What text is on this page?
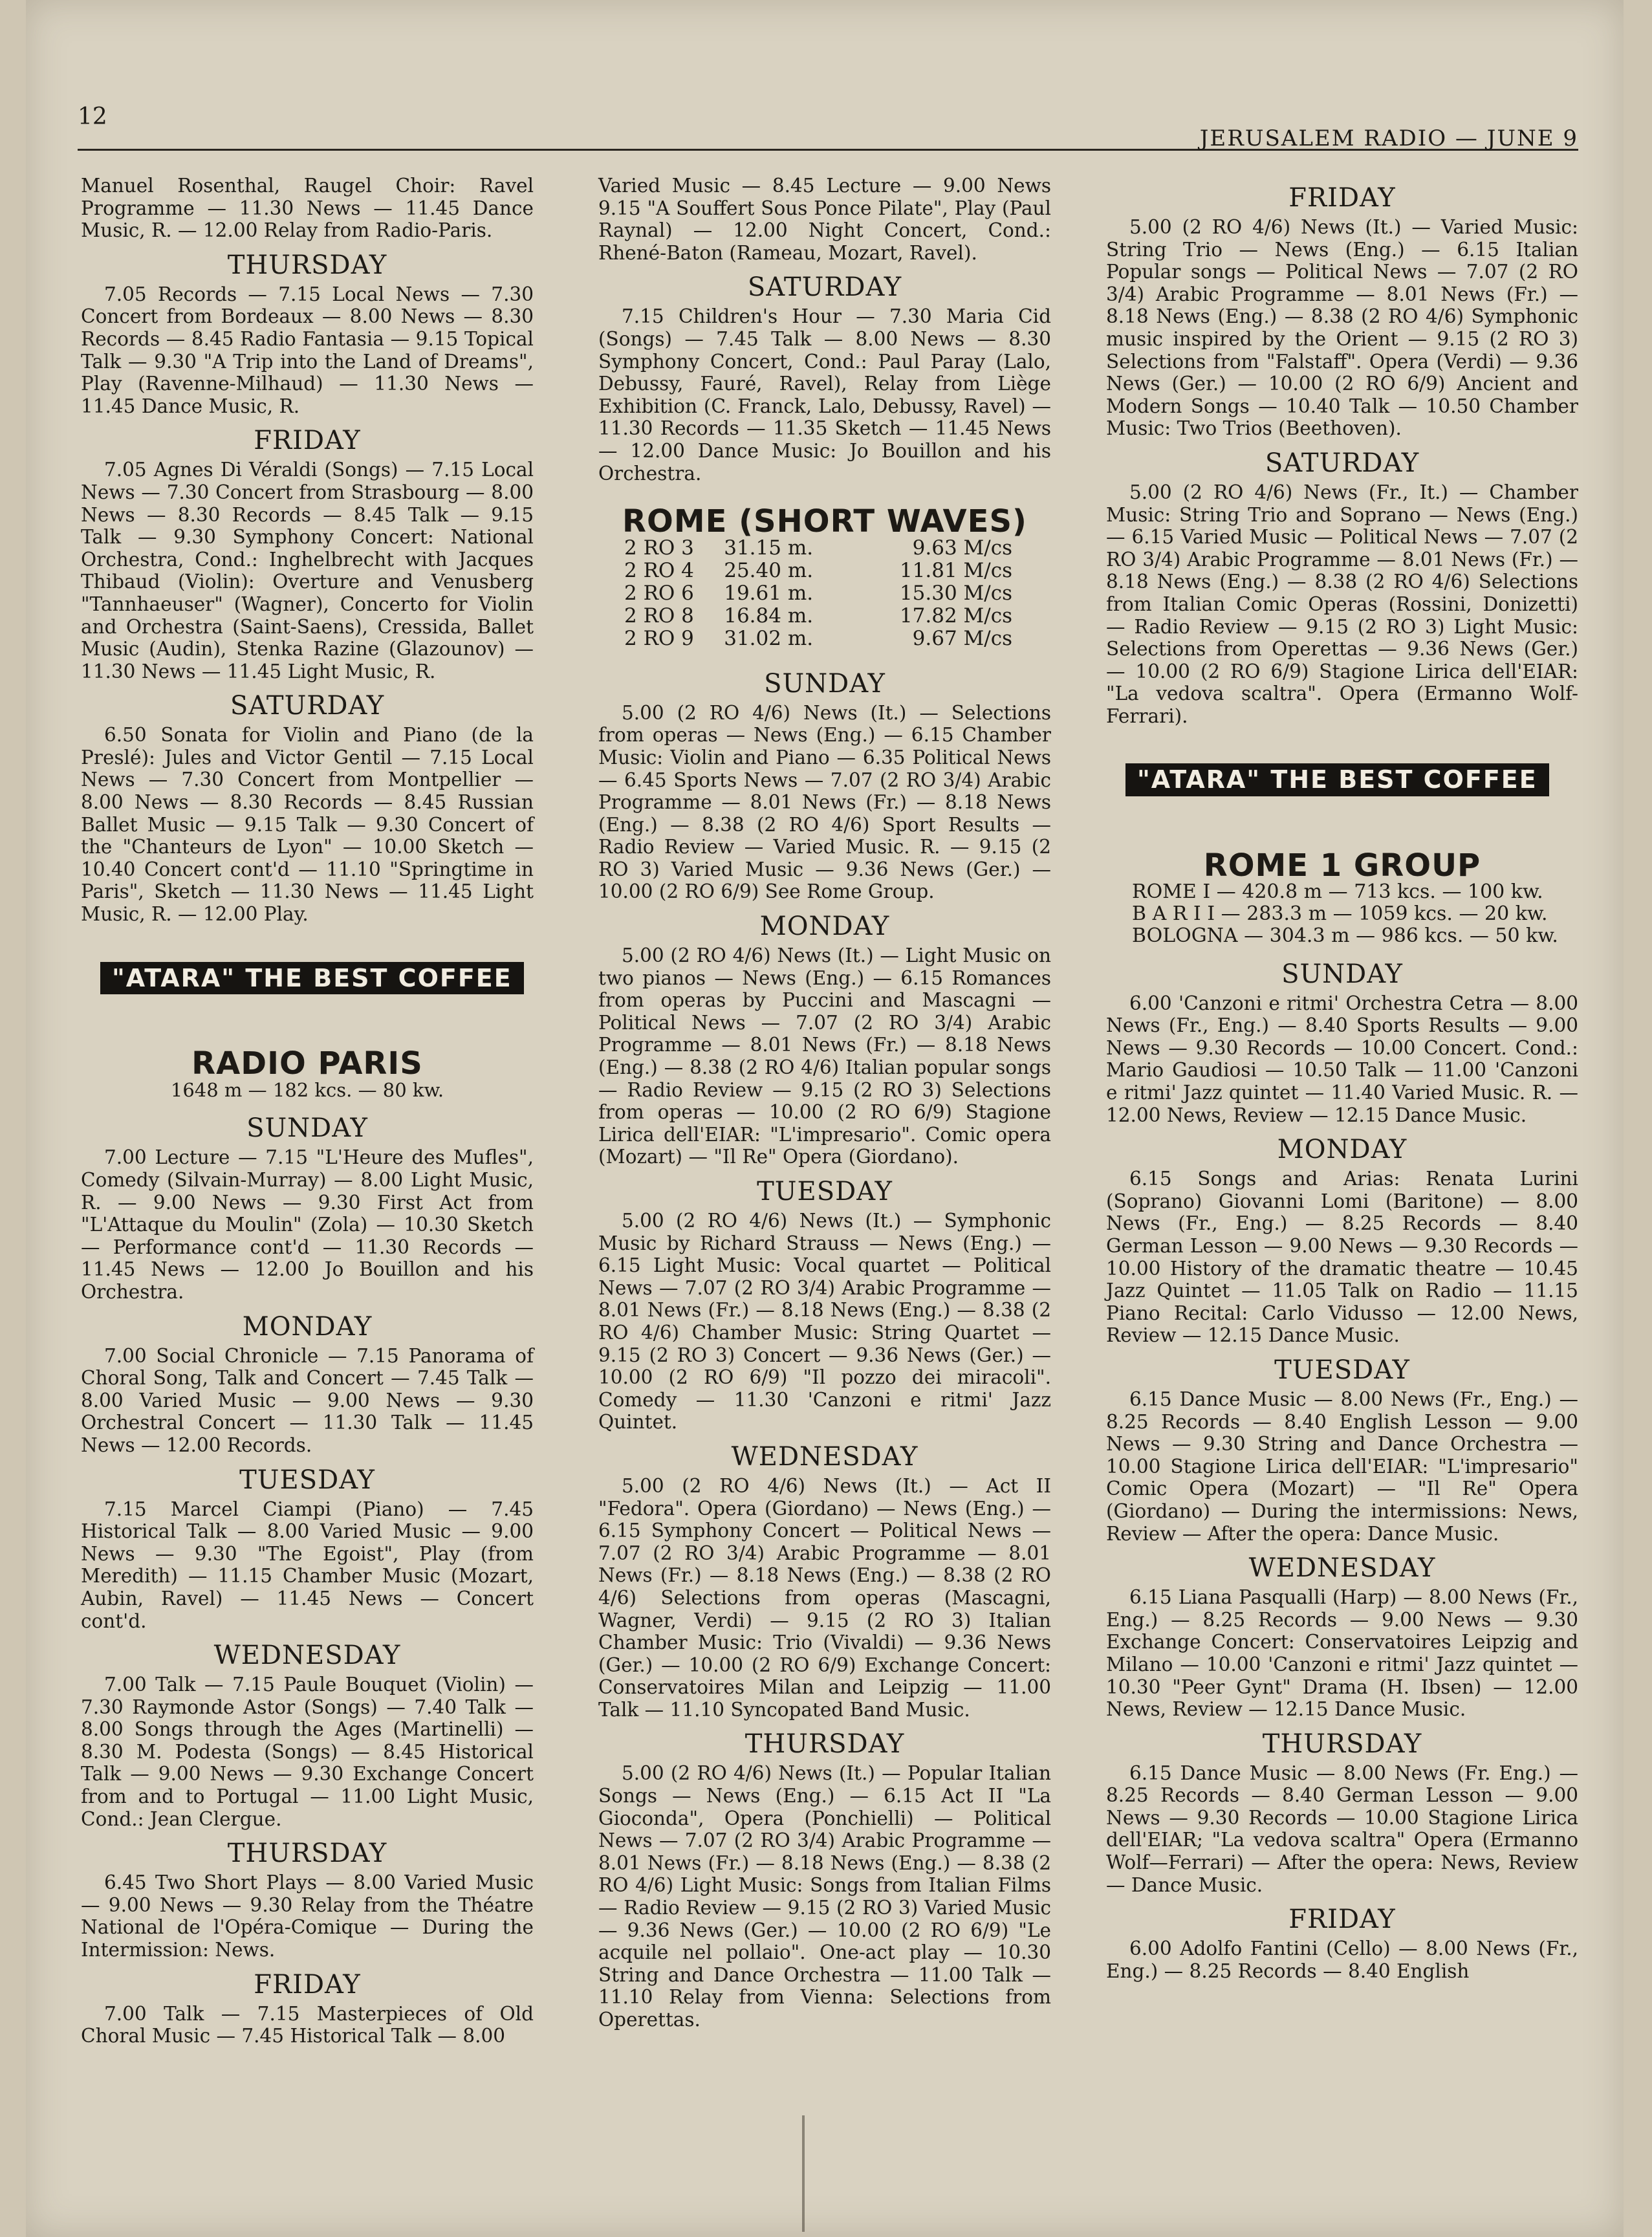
12
JERUSALEM RADIO — JUNE 9

Manuel Rosenthal, Raugel Choir: Ravel Programme — 11.30 News — 11.45 Dance Music, R. — 12.00 Relay from Radio-Paris.

THURSDAY

7.05 Records — 7.15 Local News — 7.30 Concert from Bordeaux — 8.00 News — 8.30 Records — 8.45 Radio Fantasia — 9.15 Topical Talk — 9.30 "A Trip into the Land of Dreams", Play (Ravenne-Milhaud) — 11.30 News — 11.45 Dance Music, R.

FRIDAY

7.05 Agnes Di Véraldi (Songs) — 7.15 Local News — 7.30 Concert from Strasbourg — 8.00 News — 8.30 Records — 8.45 Talk — 9.15 Talk — 9.30 Symphony Concert: National Orchestra, Cond.: Inghelbrecht with Jacques Thibaud (Violin): Overture and Venusberg "Tannhaeuser" (Wagner), Concerto for Violin and Orchestra (Saint-Saens), Cressida, Ballet Music (Audin), Stenka Razine (Glazounov) — 11.30 News — 11.45 Light Music, R.

SATURDAY

6.50 Sonata for Violin and Piano (de la Preslé): Jules and Victor Gentil — 7.15 Local News — 7.30 Concert from Montpellier — 8.00 News — 8.30 Records — 8.45 Russian Ballet Music — 9.15 Talk — 9.30 Concert of the "Chanteurs de Lyon" — 10.00 Sketch — 10.40 Concert cont'd — 11.10 "Springtime in Paris", Sketch — 11.30 News — 11.45 Light Music, R. — 12.00 Play.

"ATARA" THE BEST COFFEE
RADIO PARIS
1648 m — 182 kcs. — 80 kw.
SUNDAY

7.00 Lecture — 7.15 "L'Heure des Mufles", Comedy (Silvain-Murray) — 8.00 Light Music, R. — 9.00 News — 9.30 First Act from "L'Attaque du Moulin" (Zola) — 10.30 Sketch — Performance cont'd — 11.30 Records — 11.45 News — 12.00 Jo Bouillon and his Orchestra.

MONDAY

7.00 Social Chronicle — 7.15 Panorama of Choral Song, Talk and Concert — 7.45 Talk — 8.00 Varied Music — 9.00 News — 9.30 Orchestral Concert — 11.30 Talk — 11.45 News — 12.00 Records.

TUESDAY

7.15 Marcel Ciampi (Piano) — 7.45 Historical Talk — 8.00 Varied Music — 9.00 News — 9.30 "The Egoist", Play (from Meredith) — 11.15 Chamber Music (Mozart, Aubin, Ravel) — 11.45 News — Concert cont'd.

WEDNESDAY

7.00 Talk — 7.15 Paule Bouquet (Violin) — 7.30 Raymonde Astor (Songs) — 7.40 Talk — 8.00 Songs through the Ages (Martinelli) — 8.30 M. Podesta (Songs) — 8.45 Historical Talk — 9.00 News — 9.30 Exchange Concert from and to Portugal — 11.00 Light Music, Cond.: Jean Clergue.

THURSDAY

6.45 Two Short Plays — 8.00 Varied Music — 9.00 News — 9.30 Relay from the Théatre National de l'Opéra-Comique — During the Intermission: News.

FRIDAY

7.00 Talk — 7.15 Masterpieces of Old Choral Music — 7.45 Historical Talk — 8.00

Varied Music — 8.45 Lecture — 9.00 News 9.15 "A Souffert Sous Ponce Pilate", Play (Paul Raynal) — 12.00 Night Concert, Cond.: Rhené-Baton (Rameau, Mozart, Ravel).

SATURDAY

7.15 Children's Hour — 7.30 Maria Cid (Songs) — 7.45 Talk — 8.00 News — 8.30 Symphony Concert, Cond.: Paul Paray (Lalo, Debussy, Fauré, Ravel), Relay from Liège Exhibition (C. Franck, Lalo, Debussy, Ravel) — 11.30 Records — 11.35 Sketch — 11.45 News — 12.00 Dance Music: Jo Bouillon and his Orchestra.

ROME (SHORT WAVES)
2 RO 3	31.15 m.	9.63 M/cs
2 RO 4	25.40 m.	11.81 M/cs
2 RO 6	19.61 m.	15.30 M/cs
2 RO 8	16.84 m.	17.82 M/cs
2 RO 9	31.02 m.	9.67 M/cs
SUNDAY

5.00 (2 RO 4/6) News (It.) — Selections from operas — News (Eng.) — 6.15 Chamber Music: Violin and Piano — 6.35 Political News — 6.45 Sports News — 7.07 (2 RO 3/4) Arabic Programme — 8.01 News (Fr.) — 8.18 News (Eng.) — 8.38 (2 RO 4/6) Sport Results — Radio Review — Varied Music. R. — 9.15 (2 RO 3) Varied Music — 9.36 News (Ger.) — 10.00 (2 RO 6/9) See Rome Group.

MONDAY

5.00 (2 RO 4/6) News (It.) — Light Music on two pianos — News (Eng.) — 6.15 Romances from operas by Puccini and Mascagni — Political News — 7.07 (2 RO 3/4) Arabic Programme — 8.01 News (Fr.) — 8.18 News (Eng.) — 8.38 (2 RO 4/6) Italian popular songs — Radio Review — 9.15 (2 RO 3) Selections from operas — 10.00 (2 RO 6/9) Stagione Lirica dell'EIAR: "L'impresario". Comic opera (Mozart) — "Il Re" Opera (Giordano).

TUESDAY

5.00 (2 RO 4/6) News (It.) — Symphonic Music by Richard Strauss — News (Eng.) — 6.15 Light Music: Vocal quartet — Political News — 7.07 (2 RO 3/4) Arabic Programme — 8.01 News (Fr.) — 8.18 News (Eng.) — 8.38 (2 RO 4/6) Chamber Music: String Quartet — 9.15 (2 RO 3) Concert — 9.36 News (Ger.) — 10.00 (2 RO 6/9) "Il pozzo dei miracoli". Comedy — 11.30 'Canzoni e ritmi' Jazz Quintet.

WEDNESDAY

5.00 (2 RO 4/6) News (It.) — Act II "Fedora". Opera (Giordano) — News (Eng.) — 6.15 Symphony Concert — Political News — 7.07 (2 RO 3/4) Arabic Programme — 8.01 News (Fr.) — 8.18 News (Eng.) — 8.38 (2 RO 4/6) Selections from operas (Mascagni, Wagner, Verdi) — 9.15 (2 RO 3) Italian Chamber Music: Trio (Vivaldi) — 9.36 News (Ger.) — 10.00 (2 RO 6/9) Exchange Concert: Conservatoires Milan and Leipzig — 11.00 Talk — 11.10 Syncopated Band Music.

THURSDAY

5.00 (2 RO 4/6) News (It.) — Popular Italian Songs — News (Eng.) — 6.15 Act II "La Gioconda", Opera (Ponchielli) — Political News — 7.07 (2 RO 3/4) Arabic Programme — 8.01 News (Fr.) — 8.18 News (Eng.) — 8.38 (2 RO 4/6) Light Music: Songs from Italian Films — Radio Review — 9.15 (2 RO 3) Varied Music — 9.36 News (Ger.) — 10.00 (2 RO 6/9) "Le acquile nel pollaio". One-act play — 10.30 String and Dance Orchestra — 11.00 Talk — 11.10 Relay from Vienna: Selections from Operettas.

FRIDAY

5.00 (2 RO 4/6) News (It.) — Varied Music: String Trio — News (Eng.) — 6.15 Italian Popular songs — Political News — 7.07 (2 RO 3/4) Arabic Programme — 8.01 News (Fr.) — 8.18 News (Eng.) — 8.38 (2 RO 4/6) Symphonic music inspired by the Orient — 9.15 (2 RO 3) Selections from "Falstaff". Opera (Verdi) — 9.36 News (Ger.) — 10.00 (2 RO 6/9) Ancient and Modern Songs — 10.40 Talk — 10.50 Chamber Music: Two Trios (Beethoven).

SATURDAY

5.00 (2 RO 4/6) News (Fr., It.) — Chamber Music: String Trio and Soprano — News (Eng.) — 6.15 Varied Music — Political News — 7.07 (2 RO 3/4) Arabic Programme — 8.01 News (Fr.) — 8.18 News (Eng.) — 8.38 (2 RO 4/6) Selections from Italian Comic Operas (Rossini, Donizetti) — Radio Review — 9.15 (2 RO 3) Light Music: Selections from Operettas — 9.36 News (Ger.) — 10.00 (2 RO 6/9) Stagione Lirica dell'EIAR: "La vedova scaltra". Opera (Ermanno Wolf-Ferrari).

"ATARA" THE BEST COFFEE
ROME 1 GROUP
ROME I — 420.8 m — 713 kcs. — 100 kw.
B A R I I — 283.3 m — 1059 kcs. — 20 kw.
BOLOGNA — 304.3 m — 986 kcs. — 50 kw.
SUNDAY

6.00 'Canzoni e ritmi' Orchestra Cetra — 8.00 News (Fr., Eng.) — 8.40 Sports Results — 9.00 News — 9.30 Records — 10.00 Concert. Cond.: Mario Gaudiosi — 10.50 Talk — 11.00 'Canzoni e ritmi' Jazz quintet — 11.40 Varied Music. R. — 12.00 News, Review — 12.15 Dance Music.

MONDAY

6.15 Songs and Arias: Renata Lurini (Soprano) Giovanni Lomi (Baritone) — 8.00 News (Fr., Eng.) — 8.25 Records — 8.40 German Lesson — 9.00 News — 9.30 Records — 10.00 History of the dramatic theatre — 10.45 Jazz Quintet — 11.05 Talk on Radio — 11.15 Piano Recital: Carlo Vidusso — 12.00 News, Review — 12.15 Dance Music.

TUESDAY

6.15 Dance Music — 8.00 News (Fr., Eng.) — 8.25 Records — 8.40 English Lesson — 9.00 News — 9.30 String and Dance Orchestra — 10.00 Stagione Lirica dell'EIAR: "L'impresario" Comic Opera (Mozart) — "Il Re" Opera (Giordano) — During the intermissions: News, Review — After the opera: Dance Music.

WEDNESDAY

6.15 Liana Pasqualli (Harp) — 8.00 News (Fr., Eng.) — 8.25 Records — 9.00 News — 9.30 Exchange Concert: Conservatoires Leipzig and Milano — 10.00 'Canzoni e ritmi' Jazz quintet — 10.30 "Peer Gynt" Drama (H. Ibsen) — 12.00 News, Review — 12.15 Dance Music.

THURSDAY

6.15 Dance Music — 8.00 News (Fr. Eng.) — 8.25 Records — 8.40 German Lesson — 9.00 News — 9.30 Records — 10.00 Stagione Lirica dell'EIAR; "La vedova scaltra" Opera (Ermanno Wolf—Ferrari) — After the opera: News, Review — Dance Music.

FRIDAY

6.00 Adolfo Fantini (Cello) — 8.00 News (Fr., Eng.) — 8.25 Records — 8.40 English
